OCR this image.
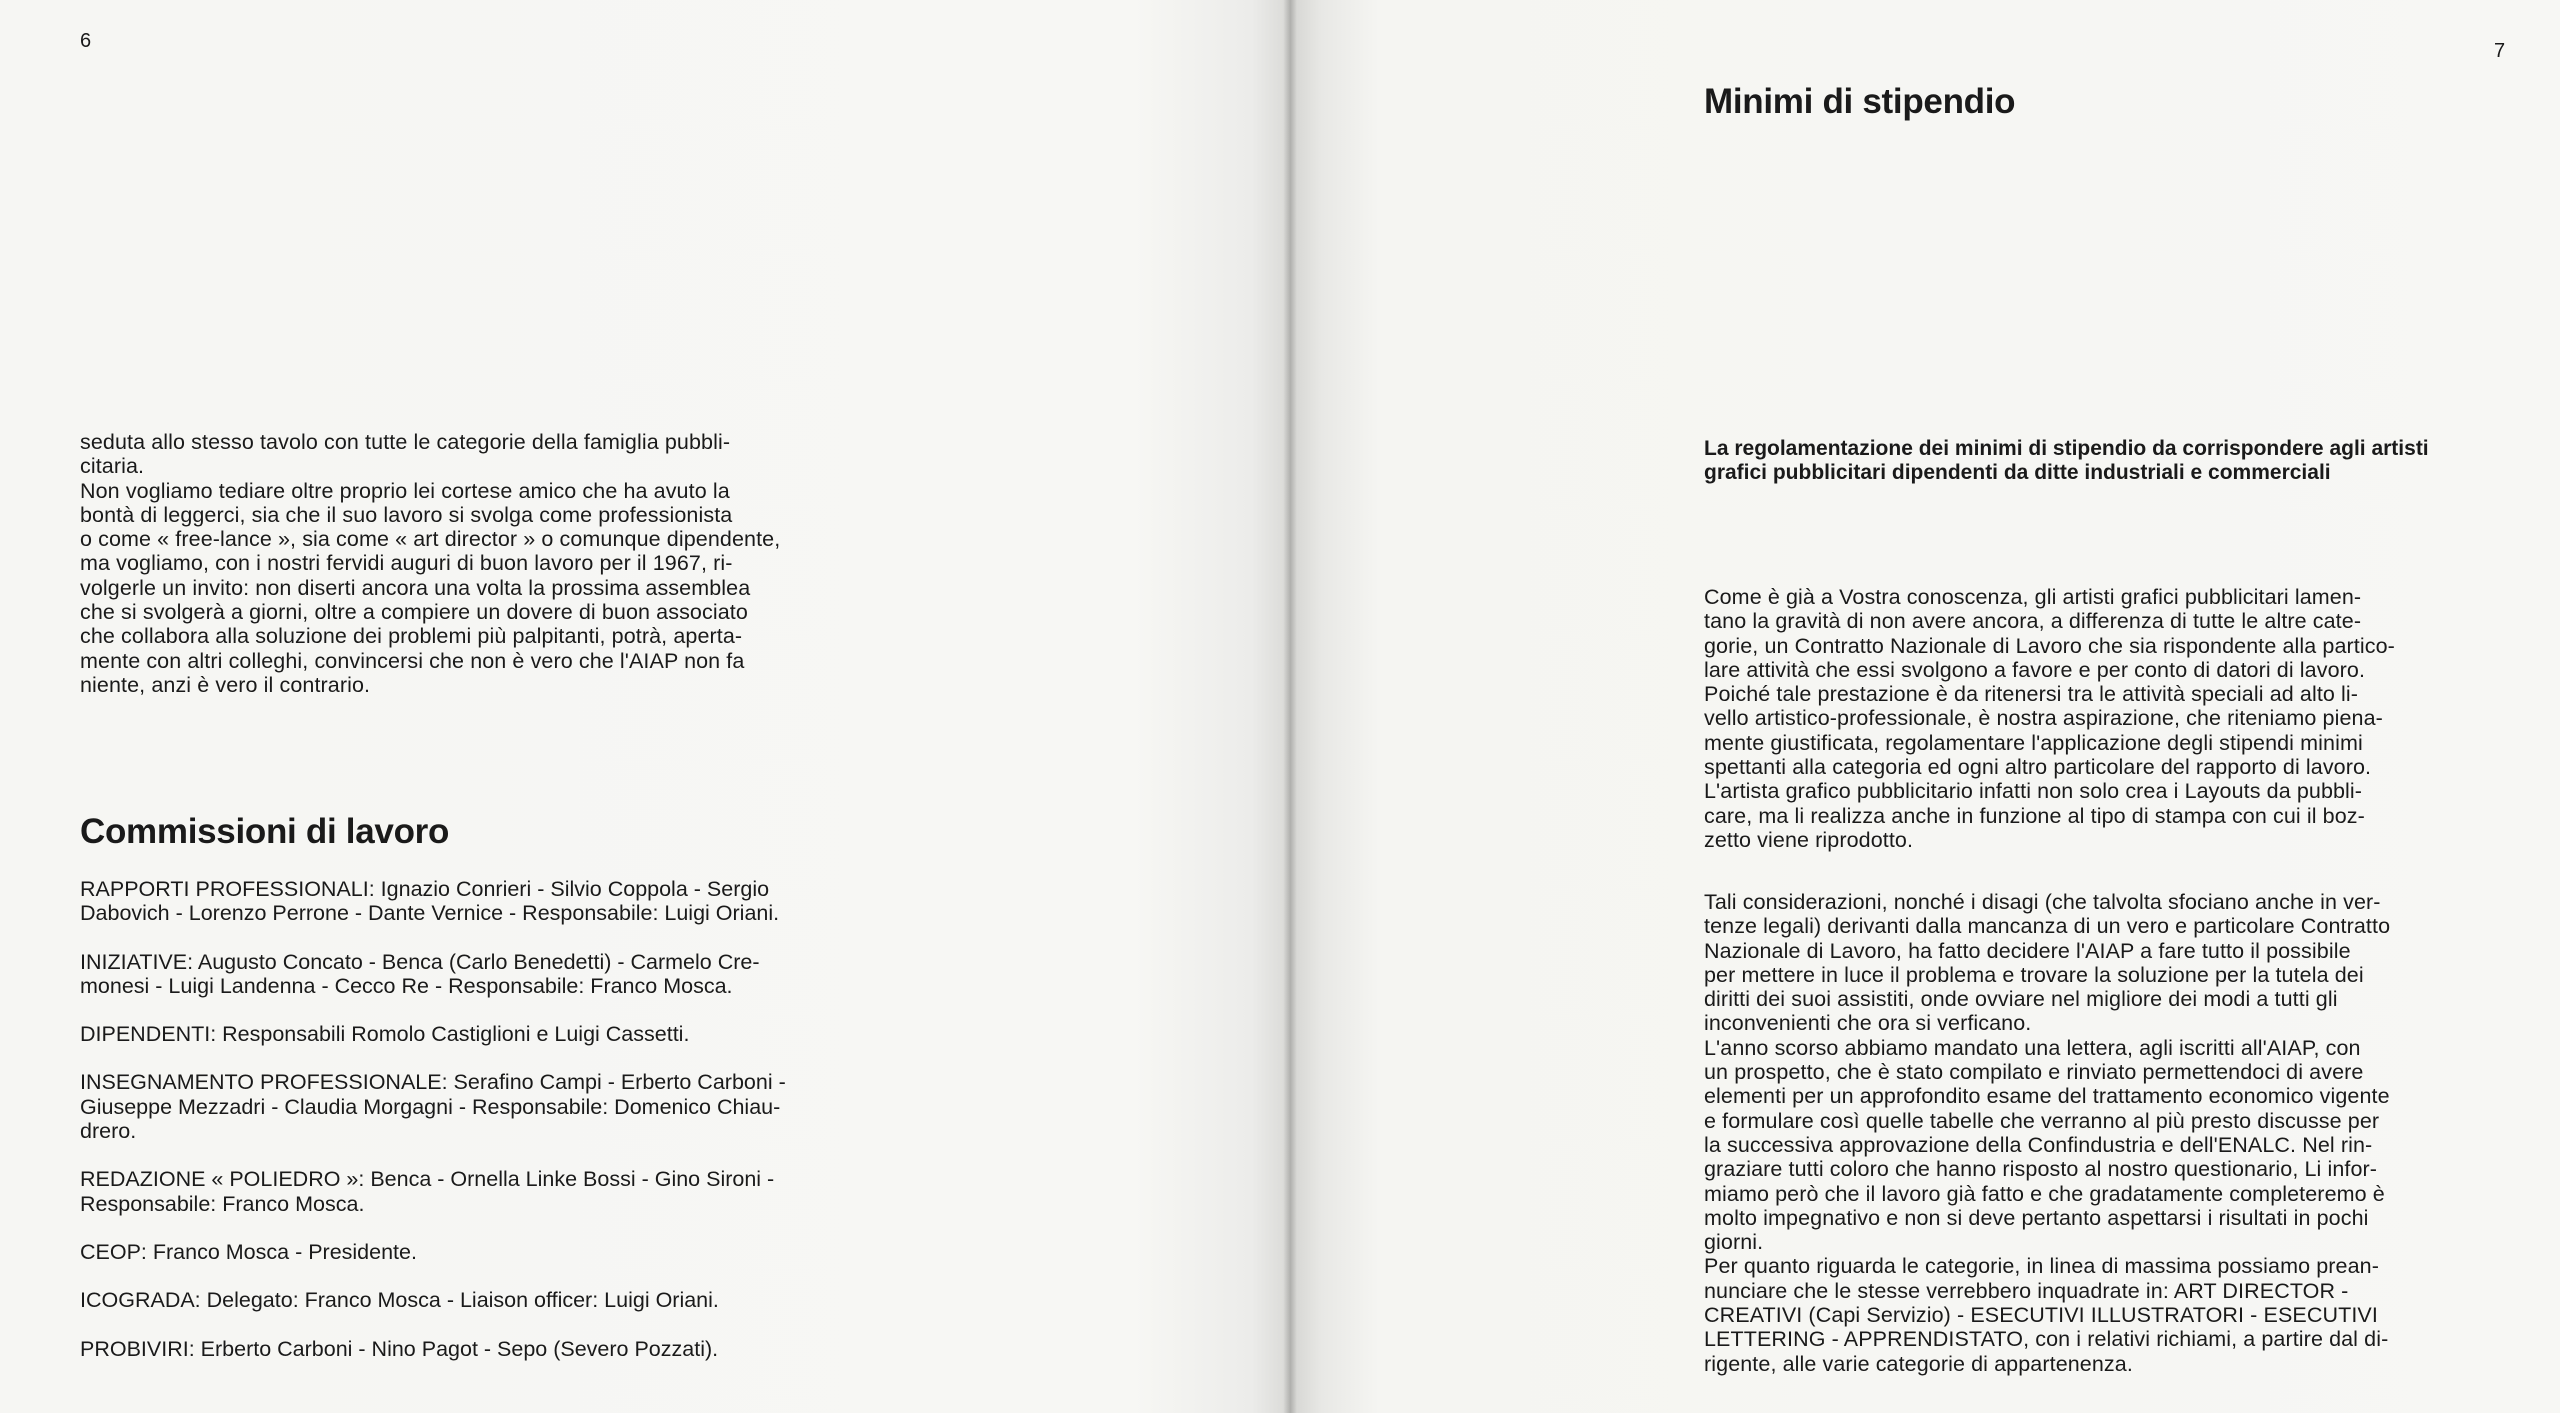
6

seduta allo stesso tavolo con tutte le categorie della famiglia pubbli-
citaria.
Non vogliamo tediare oltre proprio lei cortese amico che ha avuto la
bontà di leggerci, sia che il suo lavoro si svolga come professionista
o come « free-lance », sia come « art director » o comunque dipendente,
ma vogliamo, con i nostri fervidi auguri di buon lavoro per il 1967, ri-
volgerle un invito: non diserti ancora una volta la prossima assemblea
che si svolgerà a giorni, oltre a compiere un dovere di buon associato
che collabora alla soluzione dei problemi più palpitanti, potrà, aperta-
mente con altri colleghi, convincersi che non è vero che l'AIAP non fa
niente, anzi è vero il contrario.

Commissioni di lavoro

RAPPORTI PROFESSIONALI: Ignazio Conrieri - Silvio Coppola - Sergio
Dabovich - Lorenzo Perrone - Dante Vernice - Responsabile: Luigi Oriani.

INIZIATIVE: Augusto Concato - Benca (Carlo Benedetti) - Carmelo Cre-
monesi - Luigi Landenna - Cecco Re - Responsabile: Franco Mosca.

DIPENDENTI: Responsabili Romolo Castiglioni e Luigi Cassetti.

INSEGNAMENTO PROFESSIONALE: Serafino Campi - Erberto Carboni -
Giuseppe Mezzadri - Claudia Morgagni - Responsabile: Domenico Chiau-
drero.

REDAZIONE « POLIEDRO »: Benca - Ornella Linke Bossi - Gino Sironi -
Responsabile: Franco Mosca.

CEOP: Franco Mosca - Presidente.

ICOGRADA: Delegato: Franco Mosca - Liaison officer: Luigi Oriani.

PROBIVIRI: Erberto Carboni - Nino Pagot - Sepo (Severo Pozzati).

7
Minimi di stipendio

La regolamentazione dei minimi di stipendio da corrispondere agli artisti
grafici pubblicitari dipendenti da ditte industriali e commerciali

Come è già a Vostra conoscenza, gli artisti grafici pubblicitari lamen-
tano la gravità di non avere ancora, a differenza di tutte le altre cate-
gorie, un Contratto Nazionale di Lavoro che sia rispondente alla partico-
lare attività che essi svolgono a favore e per conto di datori di lavoro.
Poiché tale prestazione è da ritenersi tra le attività speciali ad alto li-
vello artistico-professionale, è nostra aspirazione, che riteniamo piena-
mente giustificata, regolamentare l'applicazione degli stipendi minimi
spettanti alla categoria ed ogni altro particolare del rapporto di lavoro.
L'artista grafico pubblicitario infatti non solo crea i Layouts da pubbli-
care, ma li realizza anche in funzione al tipo di stampa con cui il boz-
zetto viene riprodotto.

Tali considerazioni, nonché i disagi (che talvolta sfociano anche in ver-
tenze legali) derivanti dalla mancanza di un vero e particolare Contratto
Nazionale di Lavoro, ha fatto decidere l'AIAP a fare tutto il possibile
per mettere in luce il problema e trovare la soluzione per la tutela dei
diritti dei suoi assistiti, onde ovviare nel migliore dei modi a tutti gli
inconvenienti che ora si verficano.
L'anno scorso abbiamo mandato una lettera, agli iscritti all'AIAP, con
un prospetto, che è stato compilato e rinviato permettendoci di avere
elementi per un approfondito esame del trattamento economico vigente
e formulare così quelle tabelle che verranno al più presto discusse per
la successiva approvazione della Confindustria e dell'ENALC. Nel rin-
graziare tutti coloro che hanno risposto al nostro questionario, Li infor-
miamo però che il lavoro già fatto e che gradatamente completeremo è
molto impegnativo e non si deve pertanto aspettarsi i risultati in pochi
giorni.
Per quanto riguarda le categorie, in linea di massima possiamo prean-
nunciare che le stesse verrebbero inquadrate in: ART DIRECTOR -
CREATIVI (Capi Servizio) - ESECUTIVI ILLUSTRATORI - ESECUTIVI
LETTERING - APPRENDISTATO, con i relativi richiami, a partire dal di-
rigente, alle varie categorie di appartenenza.
